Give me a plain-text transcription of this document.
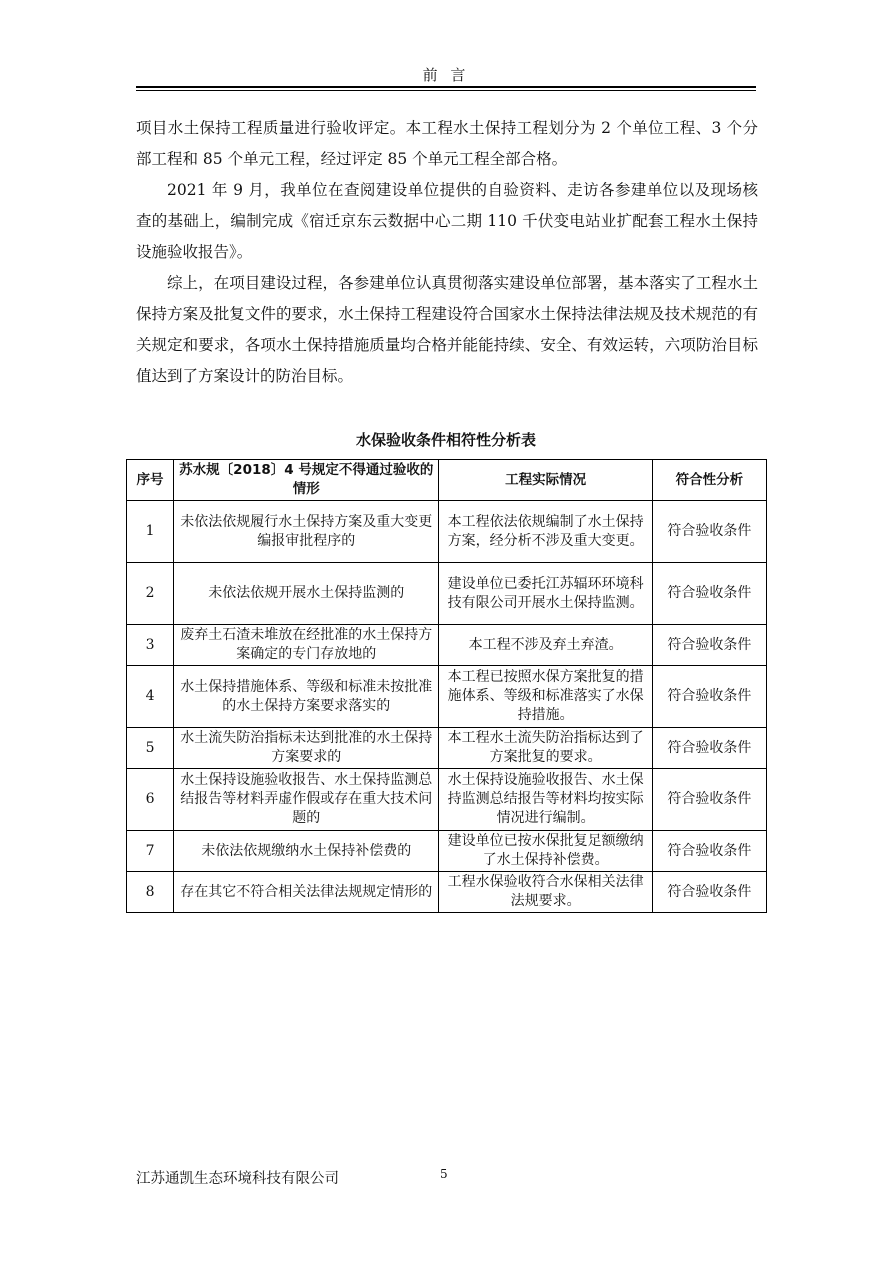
前 言

项目水土保持工程质量进行验收评定。本工程水土保持工程划分为 2 个单位工程、3 个分部工程和 85 个单元工程，经过评定 85 个单元工程全部合格。

2021 年 9 月，我单位在查阅建设单位提供的自验资料、走访各参建单位以及现场核查的基础上，编制完成《宿迁京东云数据中心二期 110 千伏变电站业扩配套工程水土保持设施验收报告》。

综上，在项目建设过程，各参建单位认真贯彻落实建设单位部署，基本落实了工程水土保持方案及批复文件的要求，水土保持工程建设符合国家水土保持法律法规及技术规范的有关规定和要求，各项水土保持措施质量均合格并能能持续、安全、有效运转，六项防治目标值达到了方案设计的防治目标。

水保验收条件相符性分析表
序号	苏水规〔2018〕4 号规定不得通过验收的情形	工程实际情况	符合性分析
1	未依法依规履行水土保持方案及重大变更编报审批程序的	本工程依法依规编制了水土保持方案，经分析不涉及重大变更。	符合验收条件
2	未依法依规开展水土保持监测的	建设单位已委托江苏辐环环境科技有限公司开展水土保持监测。	符合验收条件
3	废弃土石渣未堆放在经批准的水土保持方案确定的专门存放地的	本工程不涉及弃土弃渣。	符合验收条件
4	水土保持措施体系、等级和标准未按批准的水土保持方案要求落实的	本工程已按照水保方案批复的措施体系、等级和标准落实了水保持措施。	符合验收条件
5	水土流失防治指标未达到批准的水土保持方案要求的	本工程水土流失防治指标达到了方案批复的要求。	符合验收条件
6	水土保持设施验收报告、水土保持监测总结报告等材料弄虚作假或存在重大技术问题的	水土保持设施验收报告、水土保持监测总结报告等材料均按实际情况进行编制。	符合验收条件
7	未依法依规缴纳水土保持补偿费的	建设单位已按水保批复足额缴纳了水土保持补偿费。	符合验收条件
8	存在其它不符合相关法律法规规定情形的	工程水保验收符合水保相关法律法规要求。	符合验收条件
江苏通凯生态环境科技有限公司	5
